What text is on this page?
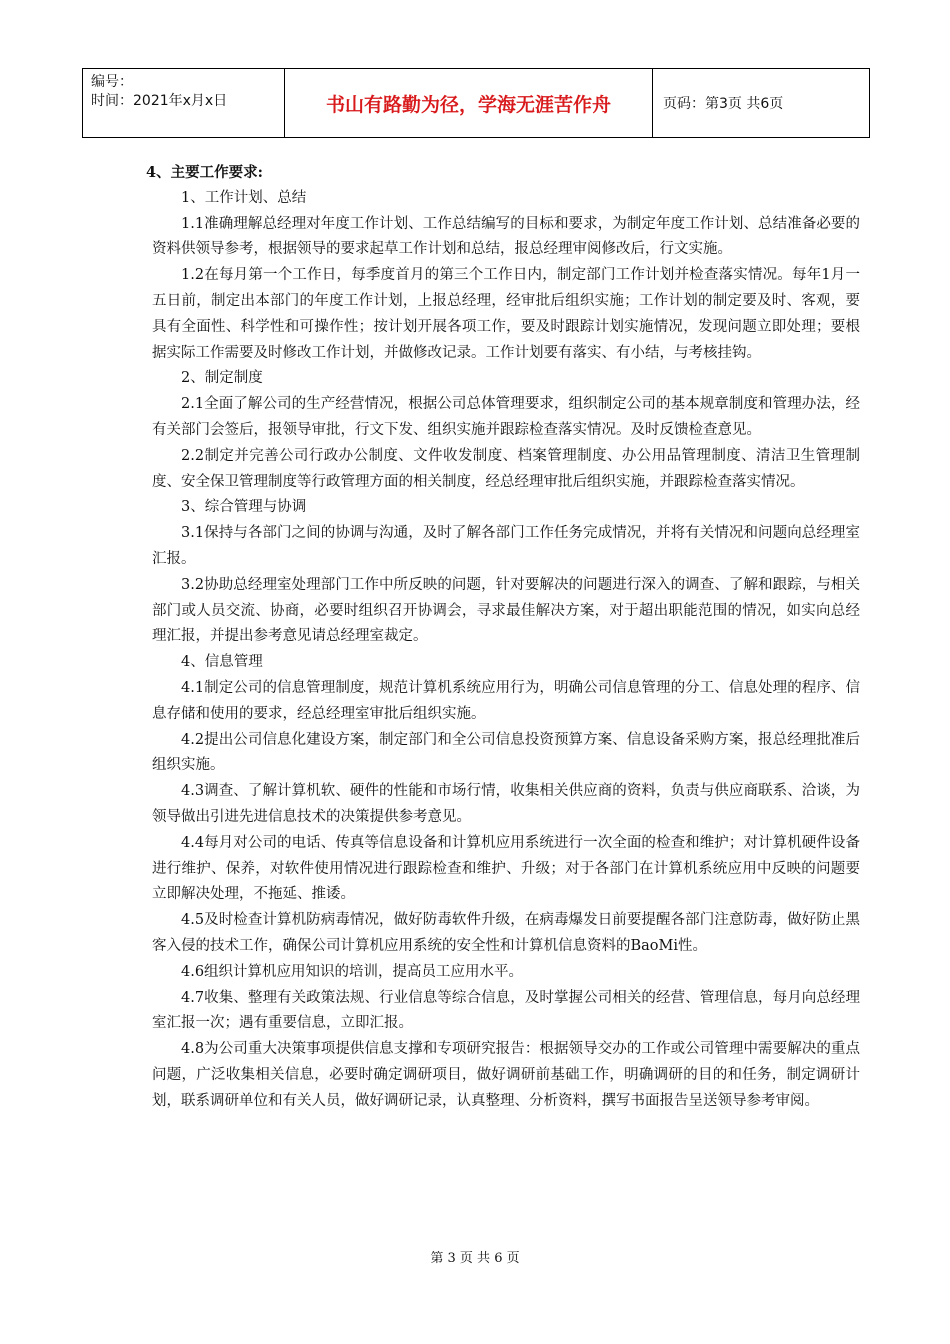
编号：
时间：2021年x月x日	书山有路勤为径，学海无涯苦作舟	页码：第3页 共6页

4、主要工作要求:

1、工作计划、总结

1.1准确理解总经理对年度工作计划、工作总结编写的目标和要求，为制定年度工作计划、总结准备必要的资料供领导参考，根据领导的要求起草工作计划和总结，报总经理审阅修改后，行文实施。

1.2在每月第一个工作日，每季度首月的第三个工作日内，制定部门工作计划并检查落实情况。每年1月一五日前，制定出本部门的年度工作计划，上报总经理，经审批后组织实施；工作计划的制定要及时、客观，要具有全面性、科学性和可操作性；按计划开展各项工作，要及时跟踪计划实施情况，发现问题立即处理；要根据实际工作需要及时修改工作计划，并做修改记录。工作计划要有落实、有小结，与考核挂钩。

2、制定制度

2.1全面了解公司的生产经营情况，根据公司总体管理要求，组织制定公司的基本规章制度和管理办法，经有关部门会签后，报领导审批，行文下发、组织实施并跟踪检查落实情况。及时反馈检查意见。

2.2制定并完善公司行政办公制度、文件收发制度、档案管理制度、办公用品管理制度、清洁卫生管理制度、安全保卫管理制度等行政管理方面的相关制度，经总经理审批后组织实施，并跟踪检查落实情况。

3、综合管理与协调

3.1保持与各部门之间的协调与沟通，及时了解各部门工作任务完成情况，并将有关情况和问题向总经理室汇报。

3.2协助总经理室处理部门工作中所反映的问题，针对要解决的问题进行深入的调查、了解和跟踪，与相关部门或人员交流、协商，必要时组织召开协调会，寻求最佳解决方案，对于超出职能范围的情况，如实向总经理汇报，并提出参考意见请总经理室裁定。

4、信息管理

4.1制定公司的信息管理制度，规范计算机系统应用行为，明确公司信息管理的分工、信息处理的程序、信息存储和使用的要求，经总经理室审批后组织实施。

4.2提出公司信息化建设方案，制定部门和全公司信息投资预算方案、信息设备采购方案，报总经理批准后组织实施。

4.3调查、了解计算机软、硬件的性能和市场行情，收集相关供应商的资料，负责与供应商联系、洽谈，为领导做出引进先进信息技术的决策提供参考意见。

4.4每月对公司的电话、传真等信息设备和计算机应用系统进行一次全面的检查和维护；对计算机硬件设备进行维护、保养，对软件使用情况进行跟踪检查和维护、升级；对于各部门在计算机系统应用中反映的问题要立即解决处理，不拖延、推诿。

4.5及时检查计算机防病毒情况，做好防毒软件升级，在病毒爆发日前要提醒各部门注意防毒，做好防止黑客入侵的技术工作，确保公司计算机应用系统的安全性和计算机信息资料的BaoMi性。

4.6组织计算机应用知识的培训，提高员工应用水平。

4.7收集、整理有关政策法规、行业信息等综合信息，及时掌握公司相关的经营、管理信息，每月向总经理室汇报一次；遇有重要信息，立即汇报。

4.8为公司重大决策事项提供信息支撑和专项研究报告：根据领导交办的工作或公司管理中需要解决的重点问题，广泛收集相关信息，必要时确定调研项目，做好调研前基础工作，明确调研的目的和任务，制定调研计划，联系调研单位和有关人员，做好调研记录，认真整理、分析资料，撰写书面报告呈送领导参考审阅。

第 3 页 共 6 页
